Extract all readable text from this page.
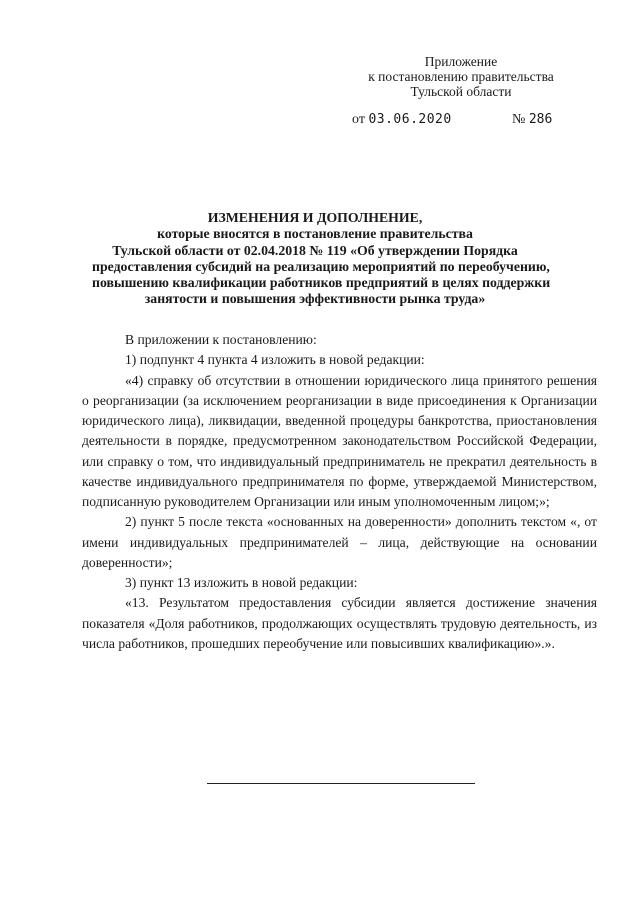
Приложение
к постановлению правительства
Тульской области
от 03.06.2020	№ 286
ИЗМЕНЕНИЯ И ДОПОЛНЕНИЕ,
которые вносятся в постановление правительства
Тульской области от 02.04.2018 № 119 «Об утверждении Порядка
предоставления субсидий на реализацию мероприятий по переобучению,
повышению квалификации работников предприятий в целях поддержки
занятости и повышения эффективности рынка труда»

В приложении к постановлению:

1) подпункт 4 пункта 4 изложить в новой редакции:

«4) справку об отсутствии в отношении юридического лица принятого решения о реорганизации (за исключением реорганизации в виде присоединения к Организации юридического лица), ликвидации, введенной процедуры банкротства, приостановления деятельности в порядке, предусмотренном законодательством Российской Федерации, или справку о том, что индивидуальный предприниматель не прекратил деятельность в качестве индивидуального предпринимателя по форме, утверждаемой Министерством, подписанную руководителем Организации или иным уполномоченным лицом;»;

2) пункт 5 после текста «основанных на доверенности» дополнить текстом «, от имени индивидуальных предпринимателей – лица, действующие на основании доверенности»;

3) пункт 13 изложить в новой редакции:

«13. Результатом предоставления субсидии является достижение значения показателя «Доля работников, продолжающих осуществлять трудовую деятельность, из числа работников, прошедших переобучение или повысивших квалификацию».».
